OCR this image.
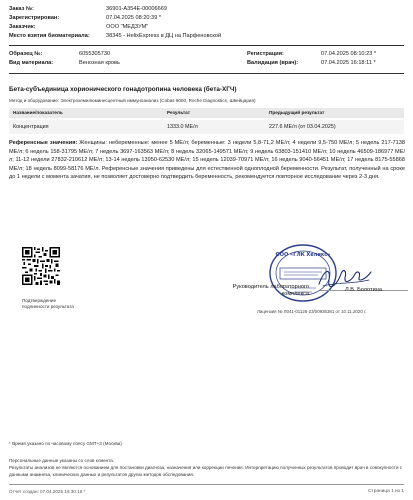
Заказ №:	36901-A354E-00006669
Зарегистрирован:	07.04.2025 08:20:39 *
Заказчик:	ООО "МЕДЗУМ"
Место взятия биоматериала:	38345 - HelixExpress в ДЦ на Парфеновской
Образец №:	6055305730
Вид материала:	Венозная кровь
Регистрация:	07.04.2025 08:10:23 *
Валидация (врач):	07.04.2025 16:18:11 *
Бета-субъединица хорионического гонадотропина человека (бета-ХГЧ)
Метод и оборудование: Электрохемилюминесцентный иммуноанализ (Cobas 6000, Roche Diagnostics, Швейцария)
Название/показатель	Результат	Предыдущий результат
Концентрация	1333.0 МЕ/л	227.6 МЕ/л (от 03.04.2025)
Референсные значения: Женщины: небеременные: менее 5 МЕ/л; беременные: 3 недели 5,8-71,2 МЕ/л; 4 недели 9,5-750 МЕ/л; 5 недель 217-7138 МЕ/л; 6 недель 158-31795 МЕ/л; 7 недель 3697-163563 МЕ/л; 8 недель 32065-149571 МЕ/л; 9 недель 63803-151410 МЕ/л; 10 недель 46509-186977 МЕ/л; 11-12 недели 27832-210612 МЕ/л; 13-14 недель 13950-62530 МЕ/л; 15 недель 12039-70971 МЕ/л; 16 недель 9040-56451 МЕ/л; 17 недель 8175-55868 МЕ/л; 18 недель 8099-58176 МЕ/л. Референсные значения приведены для естественной одноплодной беременности. Результат, полученный на сроке до 1 недели с момента зачатия, не позволяет достоверно подтвердить беременность, рекомендуется повторное исследование через 2-3 дня.
Подтверждение
подлинности результата
ООО «ГЛК Хеликс»
Руководитель лабораторного
комплекса
Л.В. Болотина
Лицензия № Л041-01126-23/00935381 от 10.11.2020 г.
* Время указано по часовому поясу GMT+3 (Москва)
Персональные данные указаны со слов клиента.
Результаты анализов не являются основанием для постановки диагноза, назначения или коррекции лечения. Интерпретацию полученных результатов проводит врач в совокупности с данными анамнеза, клинических данных и результатов других методов обследования.
Отчет создан: 07.04.2025 16:30:16 *	Страница 1 из 1
